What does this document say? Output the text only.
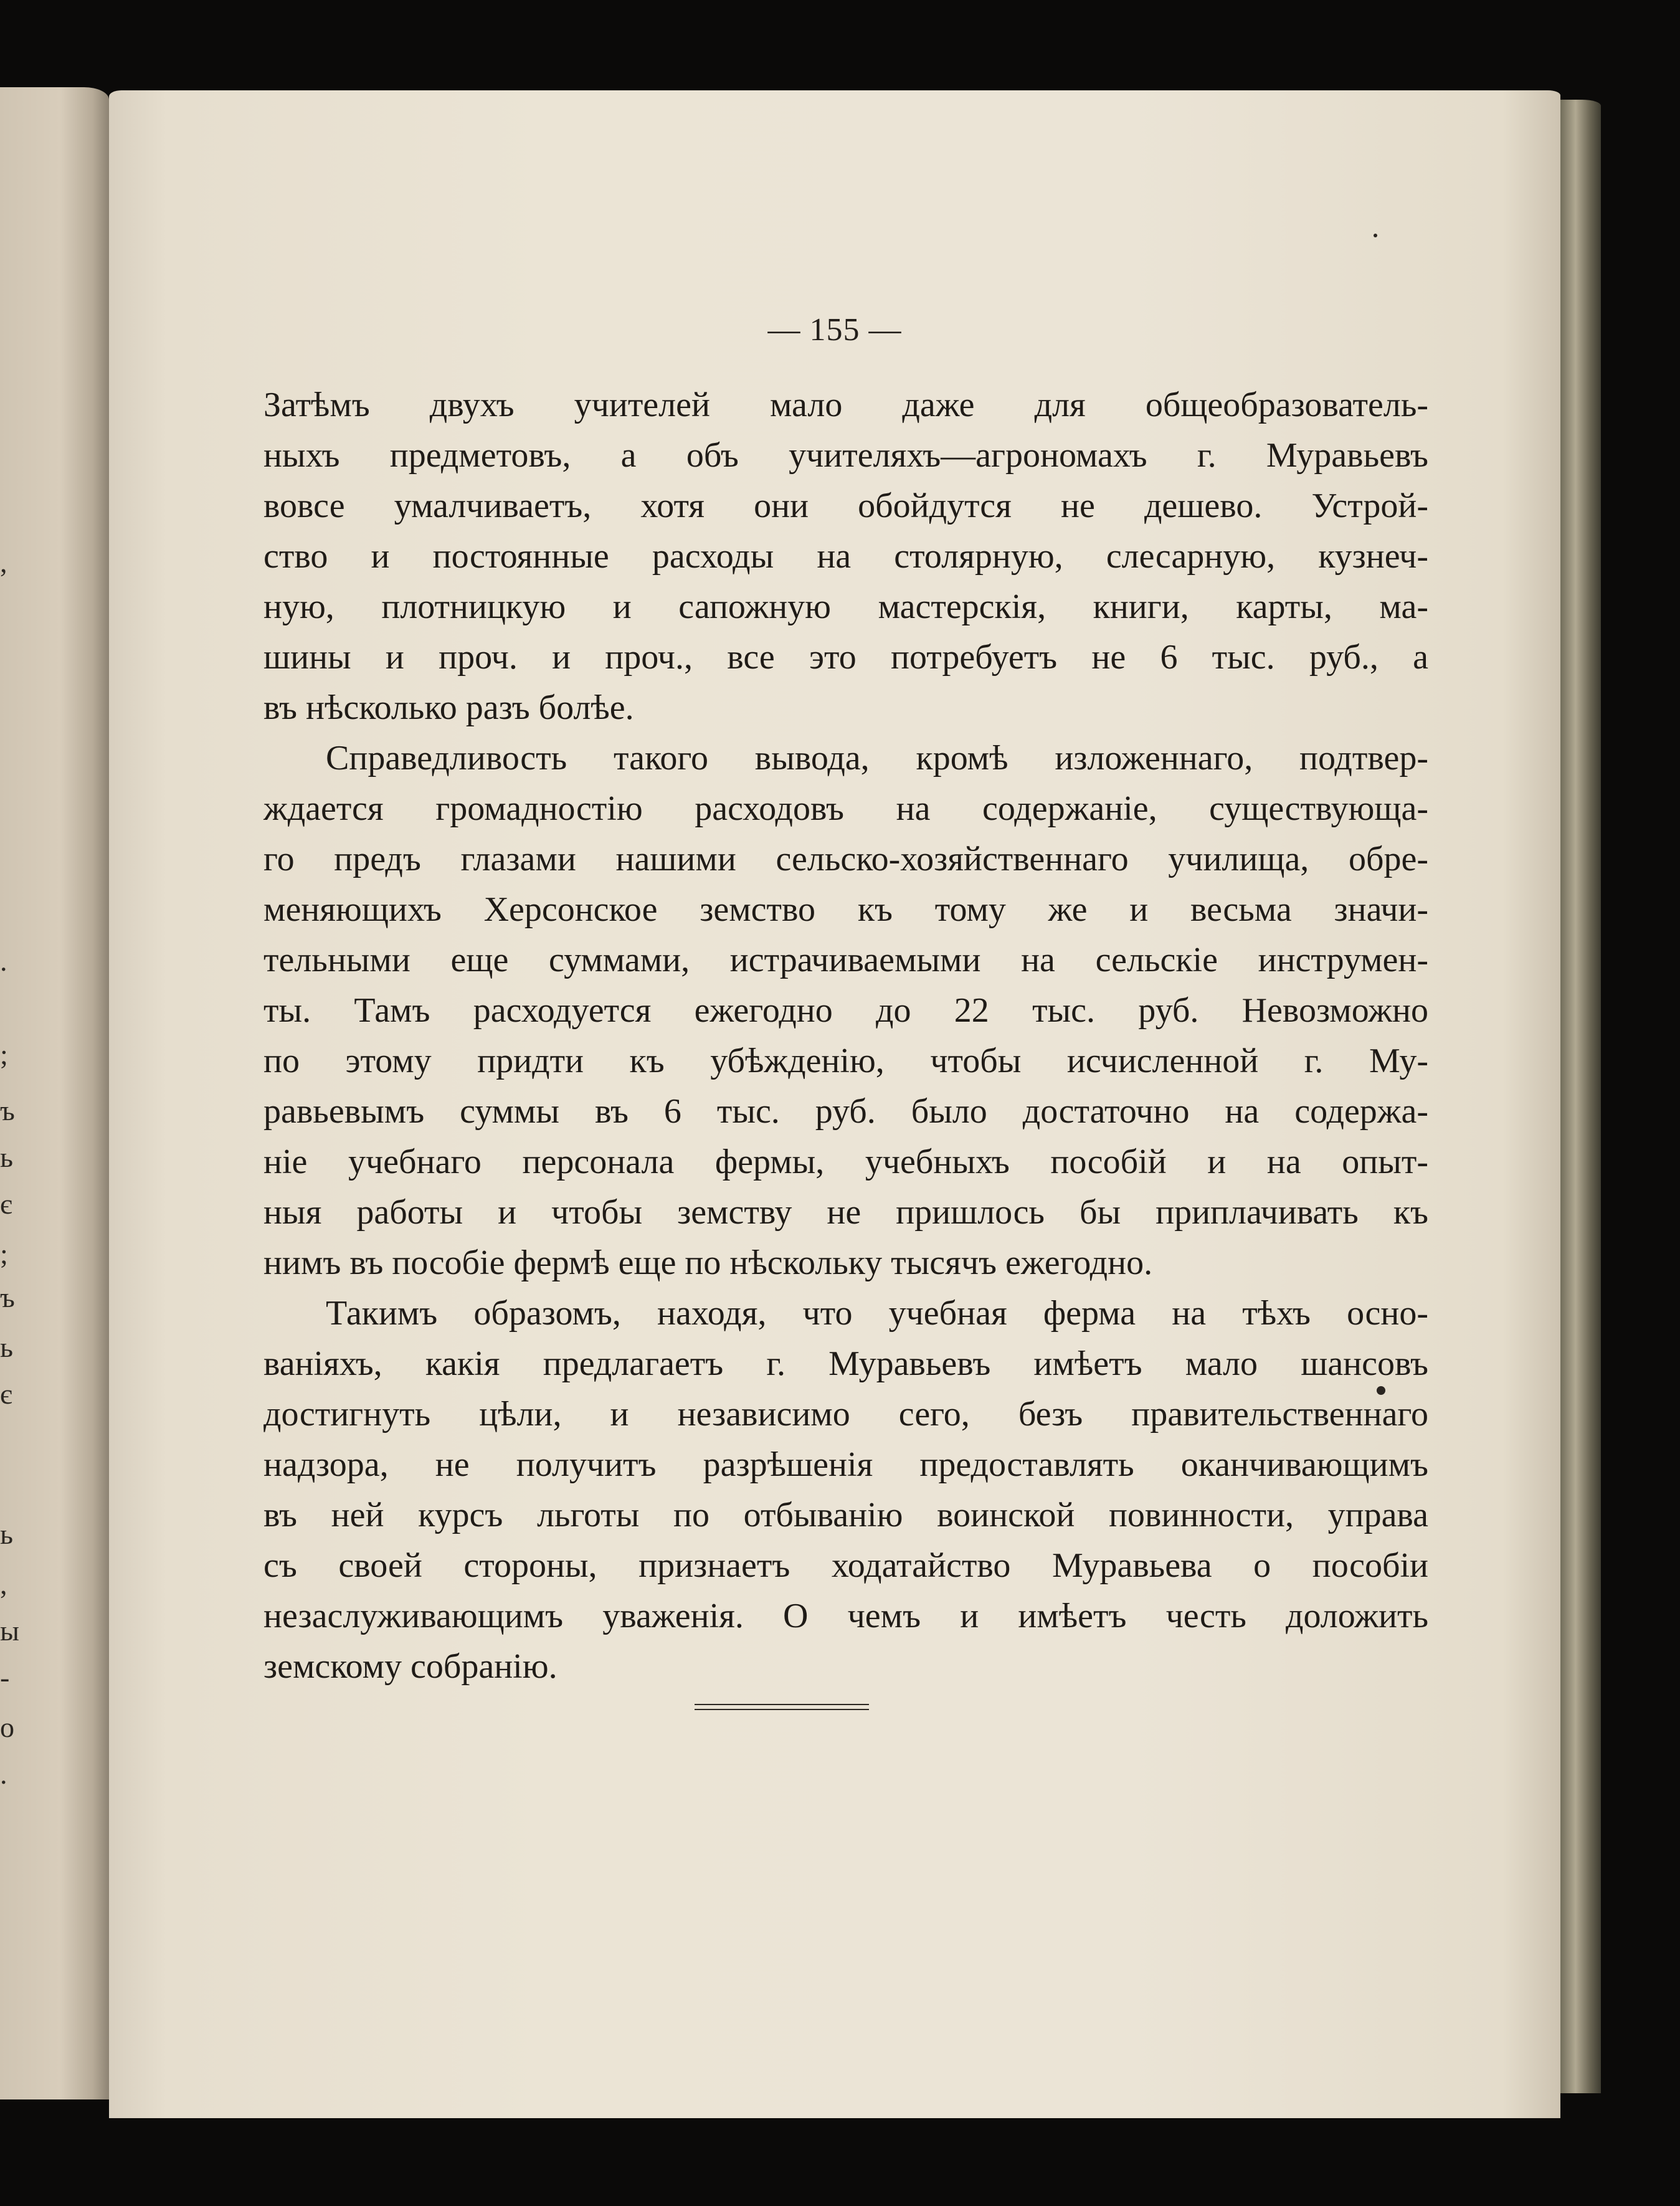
,
.
;
ъ
ь
є
;
ъ
ь
є
ь
,
ы
-
о
.
— 155 —
Затѣмъ двухъ учителей мало даже для общеобразователь-
ныхъ предметовъ, а объ учителяхъ—агрономахъ г. Муравьевъ
вовсе умалчиваетъ, хотя они обойдутся не дешево. Устрой-
ство и постоянные расходы на столярную, слесарную, кузнеч-
ную, плотницкую и сапожную мастерскія, книги, карты, ма-
шины и проч. и проч., все это потребуетъ не 6 тыс. руб., а
въ нѣсколько разъ болѣе.
Справедливость такого вывода, кромѣ изложеннаго, подтвер-
ждается громадностію расходовъ на содержаніе, существующа-
го предъ глазами нашими сельско-хозяйственнаго училища, обре-
меняющихъ Херсонское земство къ тому же и весьма значи-
тельными еще суммами, истрачиваемыми на сельскіе инструмен-
ты. Тамъ расходуется ежегодно до 22 тыс. руб. Невозможно
по этому придти къ убѣжденію, чтобы исчисленной г. Му-
равьевымъ суммы въ 6 тыс. руб. было достаточно на содержа-
ніе учебнаго персонала фермы, учебныхъ пособій и на опыт-
ныя работы и чтобы земству не пришлось бы приплачивать къ
нимъ въ пособіе фермѣ еще по нѣскольку тысячъ ежегодно.
Такимъ образомъ, находя, что учебная ферма на тѣхъ осно-
ваніяхъ, какія предлагаетъ г. Муравьевъ имѣетъ мало шансовъ
достигнуть цѣли, и независимо сего, безъ правительственнаго
надзора, не получитъ разрѣшенія предоставлять оканчивающимъ
въ ней курсъ льготы по отбыванію воинской повинности, управа
съ своей стороны, признаетъ ходатайство Муравьева о пособіи
незаслуживающимъ уваженія. О чемъ и имѣетъ честь доложить
земскому собранію.
